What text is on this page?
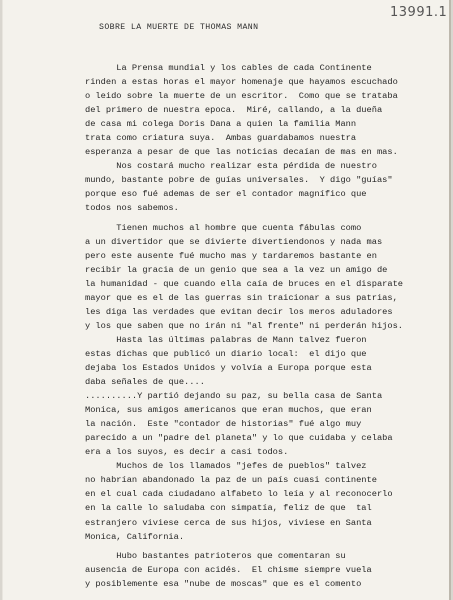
13991.1
SOBRE LA MUERTE DE THOMAS MANN
La Prensa mundial y los cables de cada Continente
rinden a estas horas el mayor homenaje que hayamos escuchado
o leido sobre la muerte de un escritor.  Como que se trataba
del primero de nuestra epoca.  Miré, callando, a la dueña
de casa mi colega Doris Dana a quien la familia Mann
trata como criatura suya.  Ambas guardabamos nuestra
esperanza a pesar de que las noticias decaían de mas en mas.
Nos costará mucho realizar esta pérdida de nuestro
mundo, bastante pobre de guías universales.  Y digo "guías"
porque eso fué ademas de ser el contador magnífico que
todos nos sabemos.
Tienen muchos al hombre que cuenta fábulas como
a un divertidor que se divierte divertiendonos y nada mas
pero este ausente fué mucho mas y tardaremos bastante en
recibir la gracia de un genio que sea a la vez un amigo de
la humanidad - que cuando ella caía de bruces en el disparate
mayor que es el de las guerras sin traicionar a sus patrias,
les diga las verdades que evitan decir los meros aduladores
y los que saben que no irán ni "al frente" ni perderán hijos.
Hasta las últimas palabras de Mann talvez fueron
estas dichas que publicó un diario local:  el dijo que
dejaba los Estados Unidos y volvía a Europa porque esta
daba señales de que....
..........Y partió dejando su paz, su bella casa de Santa
Monica, sus amigos americanos que eran muchos, que eran
la nación.  Este "contador de historias" fué algo muy
parecido a un "padre del planeta" y lo que cuidaba y celaba
era a los suyos, es decir a casi todos.
Muchos de los llamados "jefes de pueblos" talvez
no habrían abandonado la paz de un país cuasi continente
en el cual cada ciudadano alfabeto lo leía y al reconocerlo
en la calle lo saludaba con simpatía, feliz de que  tal
estranjero viviese cerca de sus hijos, viviese en Santa
Monica, California.
Hubo bastantes patrioteros que comentaran su
ausencia de Europa con acidés.  El chisme siempre vuela
y posiblemente esa "nube de moscas" que es el comento
